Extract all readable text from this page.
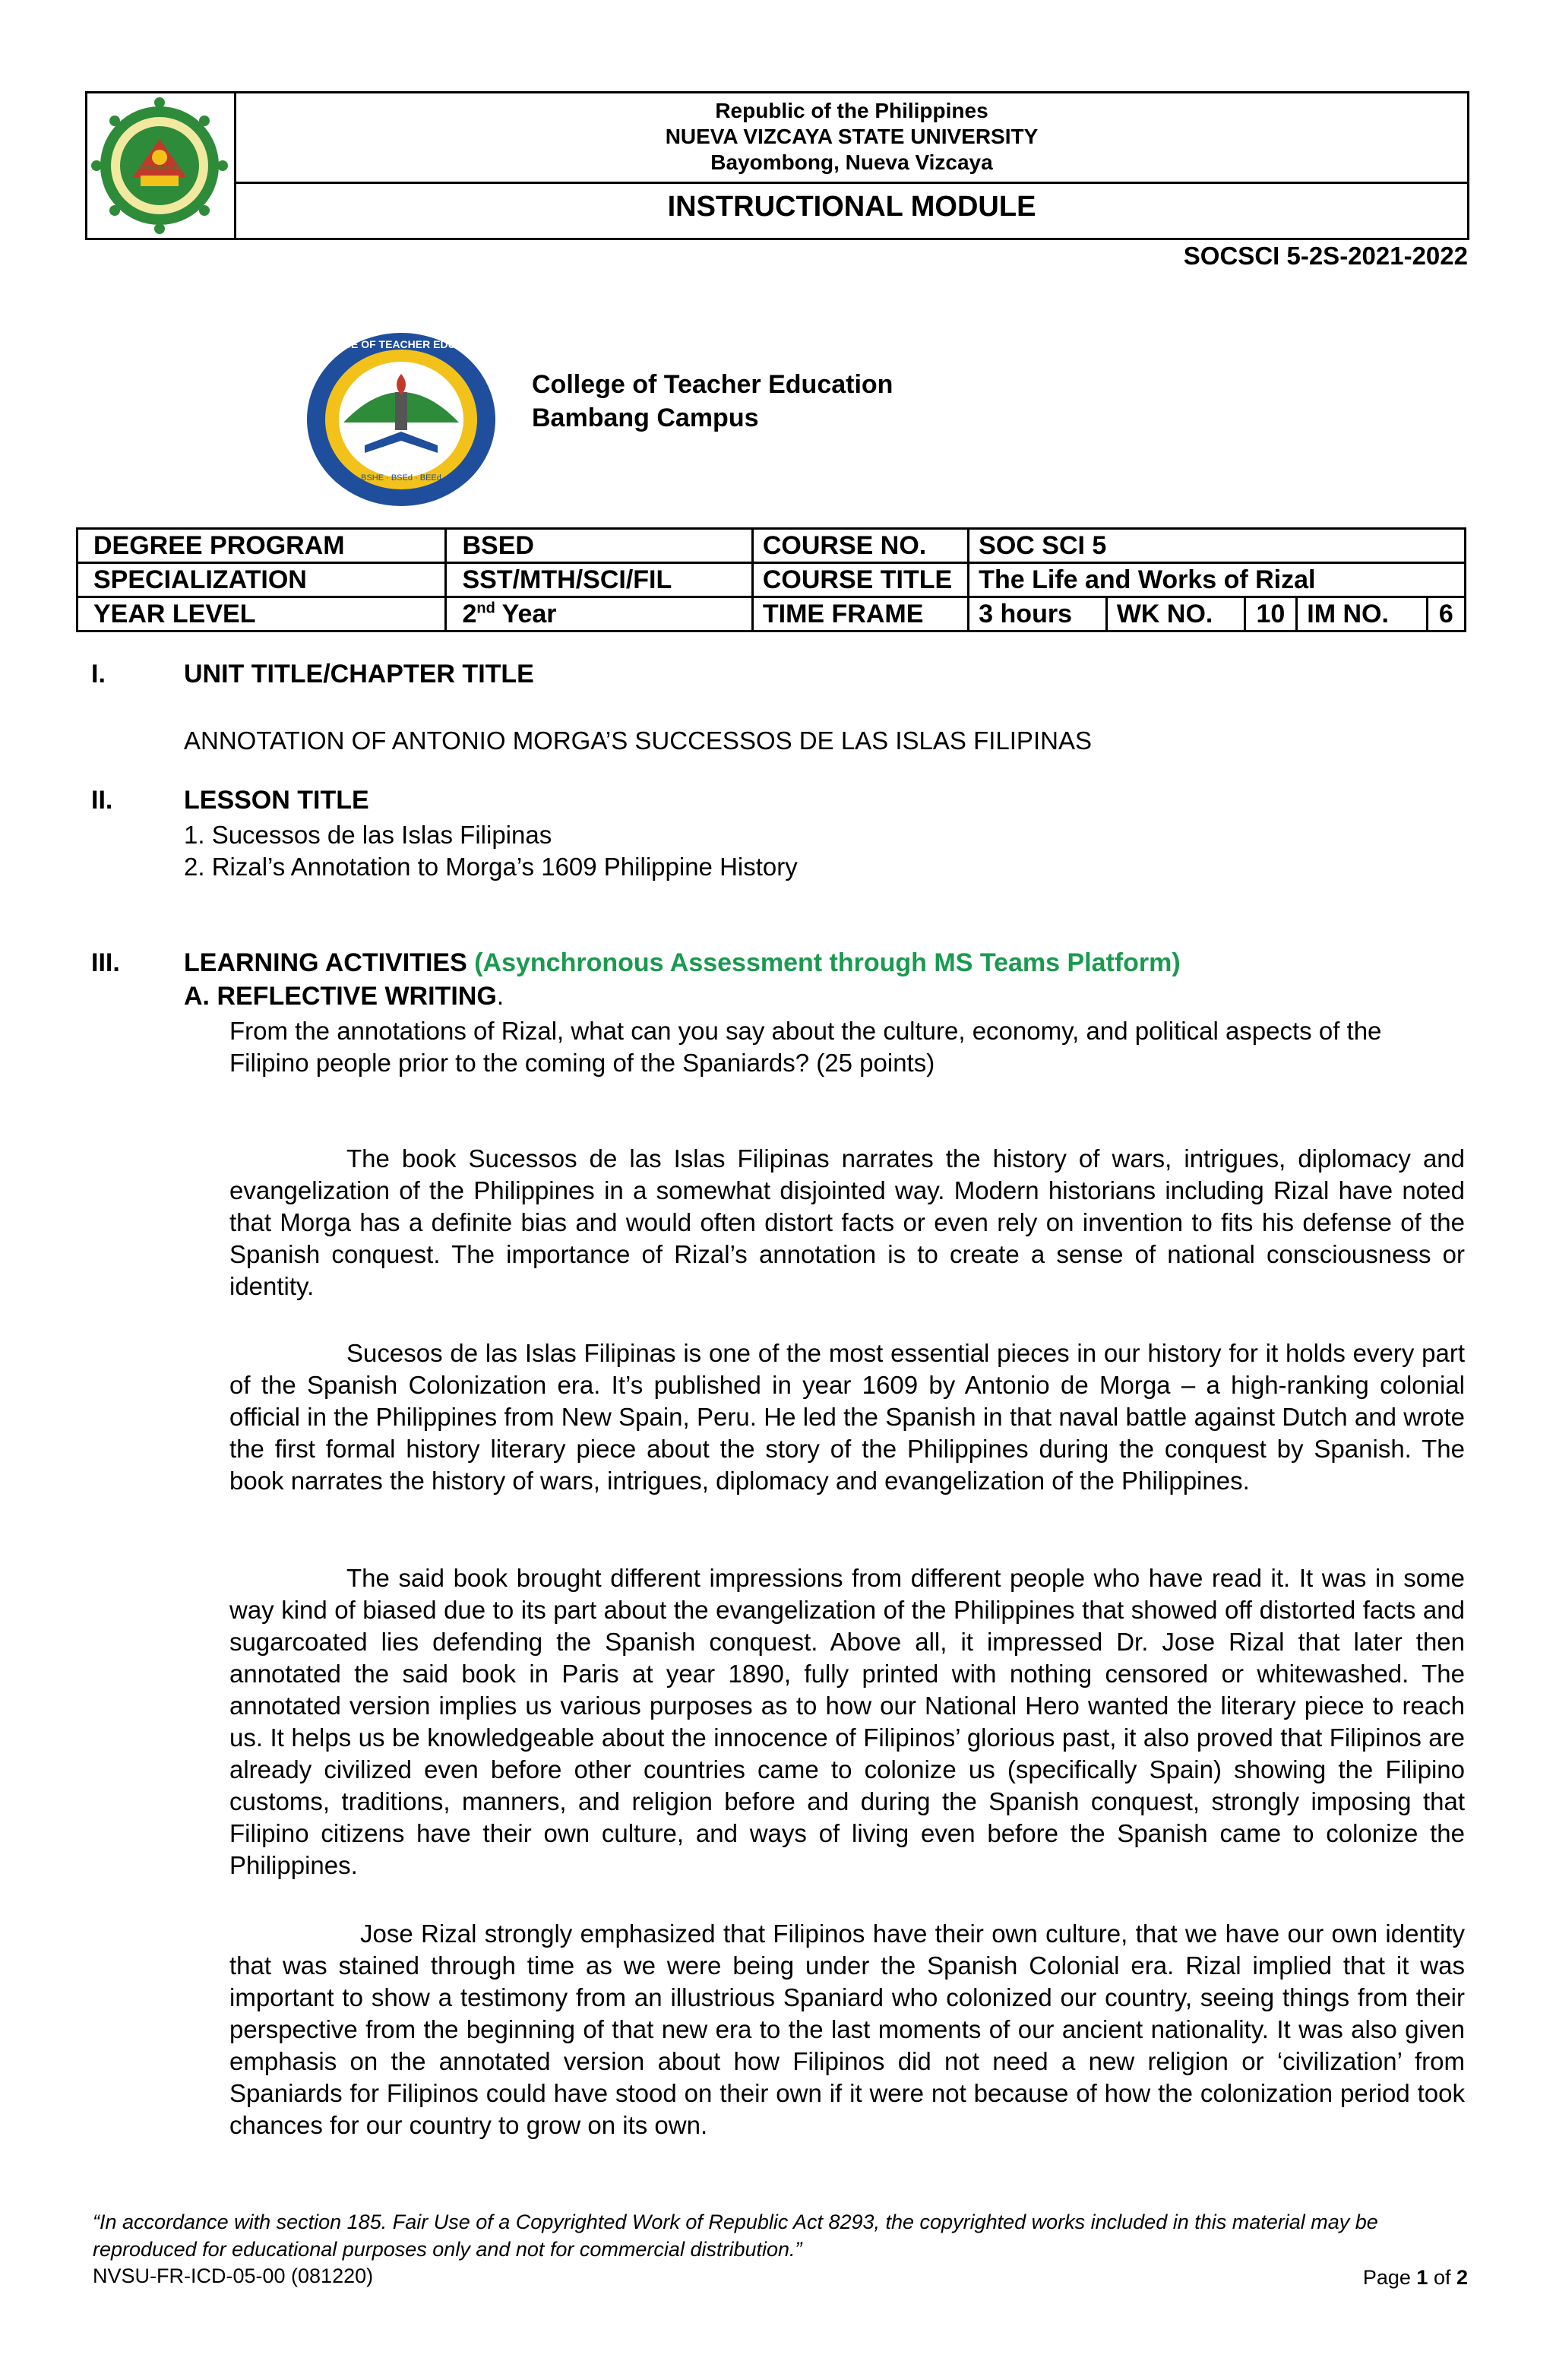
NUEVA VIZCAYA STATE UNIVERSITY
Republic of the Philippines
NUEVA VIZCAYA STATE UNIVERSITY
Bayombong, Nueva Vizcaya
INSTRUCTIONAL MODULE
SOCSCI 5-2S-2021-2022
COLLEGE OF TEACHER EDUCATION
BSHE · BSEd · BEEd
College of Teacher Education
Bambang Campus
DEGREE PROGRAM	BSED	COURSE NO.	SOC SCI 5				
SPECIALIZATION	SST/MTH/SCI/FIL	COURSE TITLE	The Life and Works of Rizal				
YEAR LEVEL	2nd Year	TIME FRAME	3 hours	WK NO.	10	IM NO.	6
I.	UNIT TITLE/CHAPTER TITLE
ANNOTATION OF ANTONIO MORGA’S SUCCESSOS DE LAS ISLAS FILIPINAS
II.	LESSON TITLE
1. Sucessos de las Islas Filipinas
2. Rizal’s Annotation to Morga’s 1609 Philippine History
III. LEARNING ACTIVITIES (Asynchronous Assessment through MS Teams Platform)
A. REFLECTIVE WRITING.
From the annotations of Rizal, what can you say about the culture, economy, and political aspects of the Filipino people prior to the coming of the Spaniards? (25 points)
The book Sucessos de las Islas Filipinas narrates the history of wars, intrigues, diplomacy and evangelization of the Philippines in a somewhat disjointed way. Modern historians including Rizal have noted that Morga has a definite bias and would often distort facts or even rely on invention to fits his defense of the Spanish conquest. The importance of Rizal’s annotation is to create a sense of national consciousness or identity.
Sucesos de las Islas Filipinas is one of the most essential pieces in our history for it holds every part of the Spanish Colonization era. It’s published in year 1609 by Antonio de Morga – a high-ranking colonial official in the Philippines from New Spain, Peru. He led the Spanish in that naval battle against Dutch and wrote the first formal history literary piece about the story of the Philippines during the conquest by Spanish. The book narrates the history of wars, intrigues, diplomacy and evangelization of the Philippines.
The said book brought different impressions from different people who have read it. It was in some way kind of biased due to its part about the evangelization of the Philippines that showed off distorted facts and sugarcoated lies defending the Spanish conquest. Above all, it impressed Dr. Jose Rizal that later then annotated the said book in Paris at year 1890, fully printed with nothing censored or whitewashed. The annotated version implies us various purposes as to how our National Hero wanted the literary piece to reach us. It helps us be knowledgeable about the innocence of Filipinos’ glorious past, it also proved that Filipinos are already civilized even before other countries came to colonize us (specifically Spain) showing the Filipino customs, traditions, manners, and religion before and during the Spanish conquest, strongly imposing that Filipino citizens have their own culture, and ways of living even before the Spanish came to colonize the Philippines.
Jose Rizal strongly emphasized that Filipinos have their own culture, that we have our own identity that was stained through time as we were being under the Spanish Colonial era. Rizal implied that it was important to show a testimony from an illustrious Spaniard who colonized our country, seeing things from their perspective from the beginning of that new era to the last moments of our ancient nationality. It was also given emphasis on the annotated version about how Filipinos did not need a new religion or ‘civilization’ from Spaniards for Filipinos could have stood on their own if it were not because of how the colonization period took chances for our country to grow on its own.
“In accordance with section 185. Fair Use of a Copyrighted Work of Republic Act 8293, the copyrighted works included in this material may be reproduced for educational purposes only and not for commercial distribution.”
NVSU-FR-ICD-05-00 (081220)	Page 1 of 2
